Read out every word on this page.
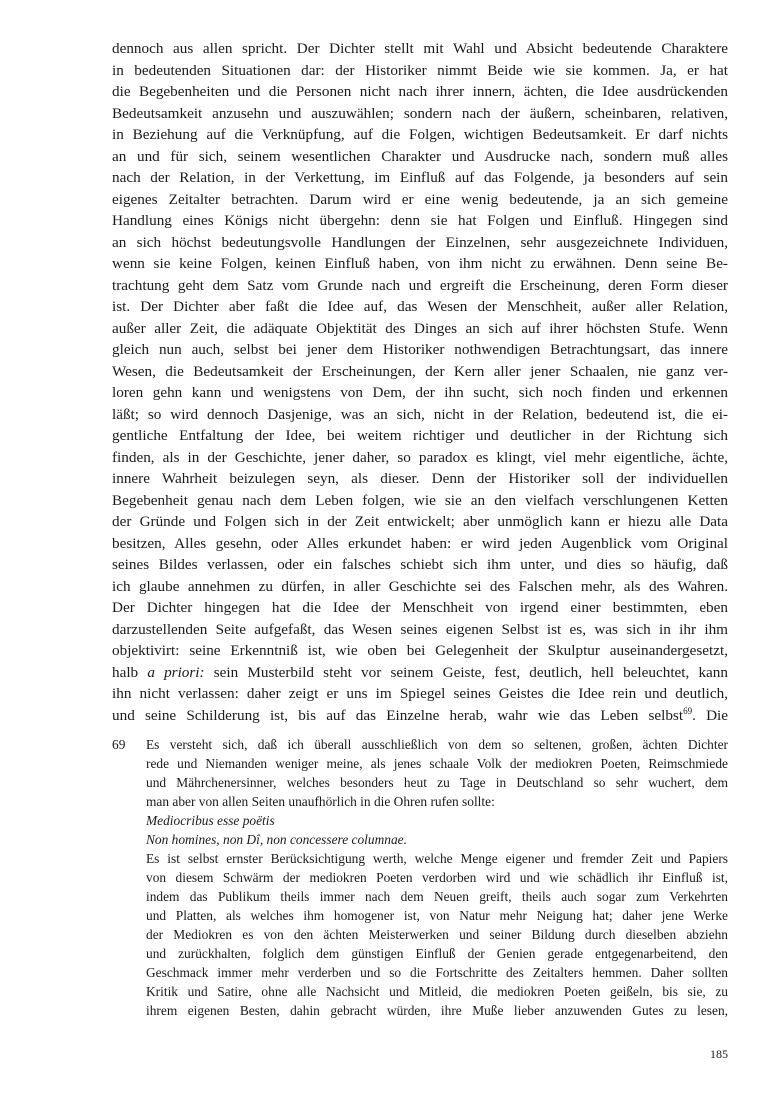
dennoch aus allen spricht. Der Dichter stellt mit Wahl und Absicht bedeutende Charaktere
in bedeutenden Situationen dar: der Historiker nimmt Beide wie sie kommen. Ja, er hat
die Begebenheiten und die Personen nicht nach ihrer innern, ächten, die Idee ausdrückenden
Bedeutsamkeit anzusehn und auszuwählen; sondern nach der äußern, scheinbaren, relativen,
in Beziehung auf die Verknüpfung, auf die Folgen, wichtigen Bedeutsamkeit. Er darf nichts
an und für sich, seinem wesentlichen Charakter und Ausdrucke nach, sondern muß alles
nach der Relation, in der Verkettung, im Einfluß auf das Folgende, ja besonders auf sein
eigenes Zeitalter betrachten. Darum wird er eine wenig bedeutende, ja an sich gemeine
Handlung eines Königs nicht übergehn: denn sie hat Folgen und Einfluß. Hingegen sind
an sich höchst bedeutungsvolle Handlungen der Einzelnen, sehr ausgezeichnete Individuen,
wenn sie keine Folgen, keinen Einfluß haben, von ihm nicht zu erwähnen. Denn seine Be-
trachtung geht dem Satz vom Grunde nach und ergreift die Erscheinung, deren Form dieser
ist. Der Dichter aber faßt die Idee auf, das Wesen der Menschheit, außer aller Relation,
außer aller Zeit, die adäquate Objektität des Dinges an sich auf ihrer höchsten Stufe. Wenn
gleich nun auch, selbst bei jener dem Historiker nothwendigen Betrachtungsart, das innere
Wesen, die Bedeutsamkeit der Erscheinungen, der Kern aller jener Schaalen, nie ganz ver-
loren gehn kann und wenigstens von Dem, der ihn sucht, sich noch finden und erkennen
läßt; so wird dennoch Dasjenige, was an sich, nicht in der Relation, bedeutend ist, die ei-
gentliche Entfaltung der Idee, bei weitem richtiger und deutlicher in der Richtung sich
finden, als in der Geschichte, jener daher, so paradox es klingt, viel mehr eigentliche, ächte,
innere Wahrheit beizulegen seyn, als dieser. Denn der Historiker soll der individuellen
Begebenheit genau nach dem Leben folgen, wie sie an den vielfach verschlungenen Ketten
der Gründe und Folgen sich in der Zeit entwickelt; aber unmöglich kann er hiezu alle Data
besitzen, Alles gesehn, oder Alles erkundet haben: er wird jeden Augenblick vom Original
seines Bildes verlassen, oder ein falsches schiebt sich ihm unter, und dies so häufig, daß
ich glaube annehmen zu dürfen, in aller Geschichte sei des Falschen mehr, als des Wahren.
Der Dichter hingegen hat die Idee der Menschheit von irgend einer bestimmten, eben
darzustellenden Seite aufgefaßt, das Wesen seines eigenen Selbst ist es, was sich in ihr ihm
objektivirt: seine Erkenntniß ist, wie oben bei Gelegenheit der Skulptur auseinandergesetzt,
halb a priori: sein Musterbild steht vor seinem Geiste, fest, deutlich, hell beleuchtet, kann
ihn nicht verlassen: daher zeigt er uns im Spiegel seines Geistes die Idee rein und deutlich,
und seine Schilderung ist, bis auf das Einzelne herab, wahr wie das Leben selbst$^{69}$. Die
69 Es versteht sich, daß ich überall ausschließlich von dem so seltenen, großen, ächten Dichter
rede und Niemanden weniger meine, als jenes schaale Volk der mediokren Poeten, Reimschmiede
und Mährchenersinner, welches besonders heut zu Tage in Deutschland so sehr wuchert, dem
man aber von allen Seiten unaufhörlich in die Ohren rufen sollte:
Mediocribus esse poëtis
Non homines, non Dî, non concessere columnae.
Es ist selbst ernster Berücksichtigung werth, welche Menge eigener und fremder Zeit und Papiers
von diesem Schwärm der mediokren Poeten verdorben wird und wie schädlich ihr Einfluß ist,
indem das Publikum theils immer nach dem Neuen greift, theils auch sogar zum Verkehrten
und Platten, als welches ihm homogener ist, von Natur mehr Neigung hat; daher jene Werke
der Mediokren es von den ächten Meisterwerken und seiner Bildung durch dieselben abziehn
und zurückhalten, folglich dem günstigen Einfluß der Genien gerade entgegenarbeitend, den
Geschmack immer mehr verderben und so die Fortschritte des Zeitalters hemmen. Daher sollten
Kritik und Satire, ohne alle Nachsicht und Mitleid, die mediokren Poeten geißeln, bis sie, zu
ihrem eigenen Besten, dahin gebracht würden, ihre Muße lieber anzuwenden Gutes zu lesen,
185
